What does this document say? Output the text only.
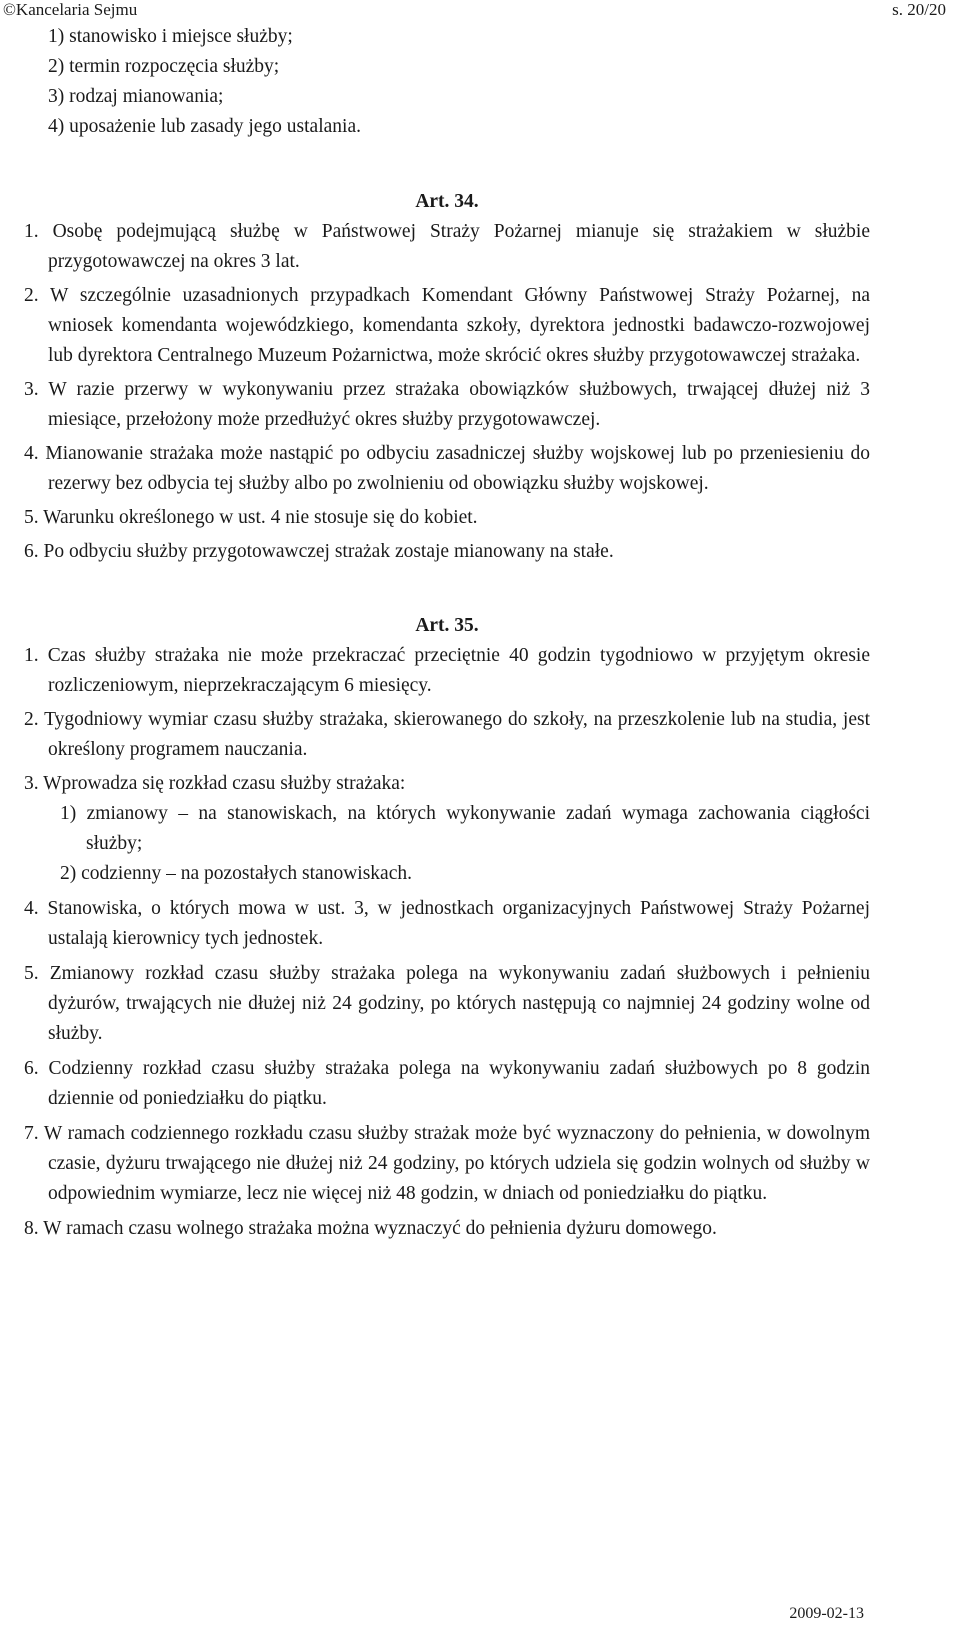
©Kancelaria Sejmu	s. 20/20

1) stanowisko i miejsce służby;

2) termin rozpoczęcia służby;

3) rodzaj mianowania;

4) uposażenie lub zasady jego ustalania.

Art. 34.

1. Osobę podejmującą służbę w Państwowej Straży Pożarnej mianuje się strażakiem w służbie przygotowawczej na okres 3 lat.

2. W szczególnie uzasadnionych przypadkach Komendant Główny Państwowej Straży Pożarnej, na wniosek komendanta wojewódzkiego, komendanta szkoły, dyrektora jednostki badawczo-rozwojowej lub dyrektora Centralnego Muzeum Pożarnictwa, może skrócić okres służby przygotowawczej strażaka.

3. W razie przerwy w wykonywaniu przez strażaka obowiązków służbowych, trwającej dłużej niż 3 miesiące, przełożony może przedłużyć okres służby przygotowawczej.

4. Mianowanie strażaka może nastąpić po odbyciu zasadniczej służby wojskowej lub po przeniesieniu do rezerwy bez odbycia tej służby albo po zwolnieniu od obowiązku służby wojskowej.

5. Warunku określonego w ust. 4 nie stosuje się do kobiet.

6. Po odbyciu służby przygotowawczej strażak zostaje mianowany na stałe.

Art. 35.

1. Czas służby strażaka nie może przekraczać przeciętnie 40 godzin tygodniowo w przyjętym okresie rozliczeniowym, nieprzekraczającym 6 miesięcy.

2. Tygodniowy wymiar czasu służby strażaka, skierowanego do szkoły, na przeszkolenie lub na studia, jest określony programem nauczania.

3. Wprowadza się rozkład czasu służby strażaka:

1) zmianowy – na stanowiskach, na których wykonywanie zadań wymaga zachowania ciągłości służby;

2) codzienny – na pozostałych stanowiskach.

4. Stanowiska, o których mowa w ust. 3, w jednostkach organizacyjnych Państwowej Straży Pożarnej ustalają kierownicy tych jednostek.

5. Zmianowy rozkład czasu służby strażaka polega na wykonywaniu zadań służbowych i pełnieniu dyżurów, trwających nie dłużej niż 24 godziny, po których następują co najmniej 24 godziny wolne od służby.

6. Codzienny rozkład czasu służby strażaka polega na wykonywaniu zadań służbowych po 8 godzin dziennie od poniedziałku do piątku.

7. W ramach codziennego rozkładu czasu służby strażak może być wyznaczony do pełnienia, w dowolnym czasie, dyżuru trwającego nie dłużej niż 24 godziny, po których udziela się godzin wolnych od służby w odpowiednim wymiarze, lecz nie więcej niż 48 godzin, w dniach od poniedziałku do piątku.

8. W ramach czasu wolnego strażaka można wyznaczyć do pełnienia dyżuru domowego.

2009-02-13
